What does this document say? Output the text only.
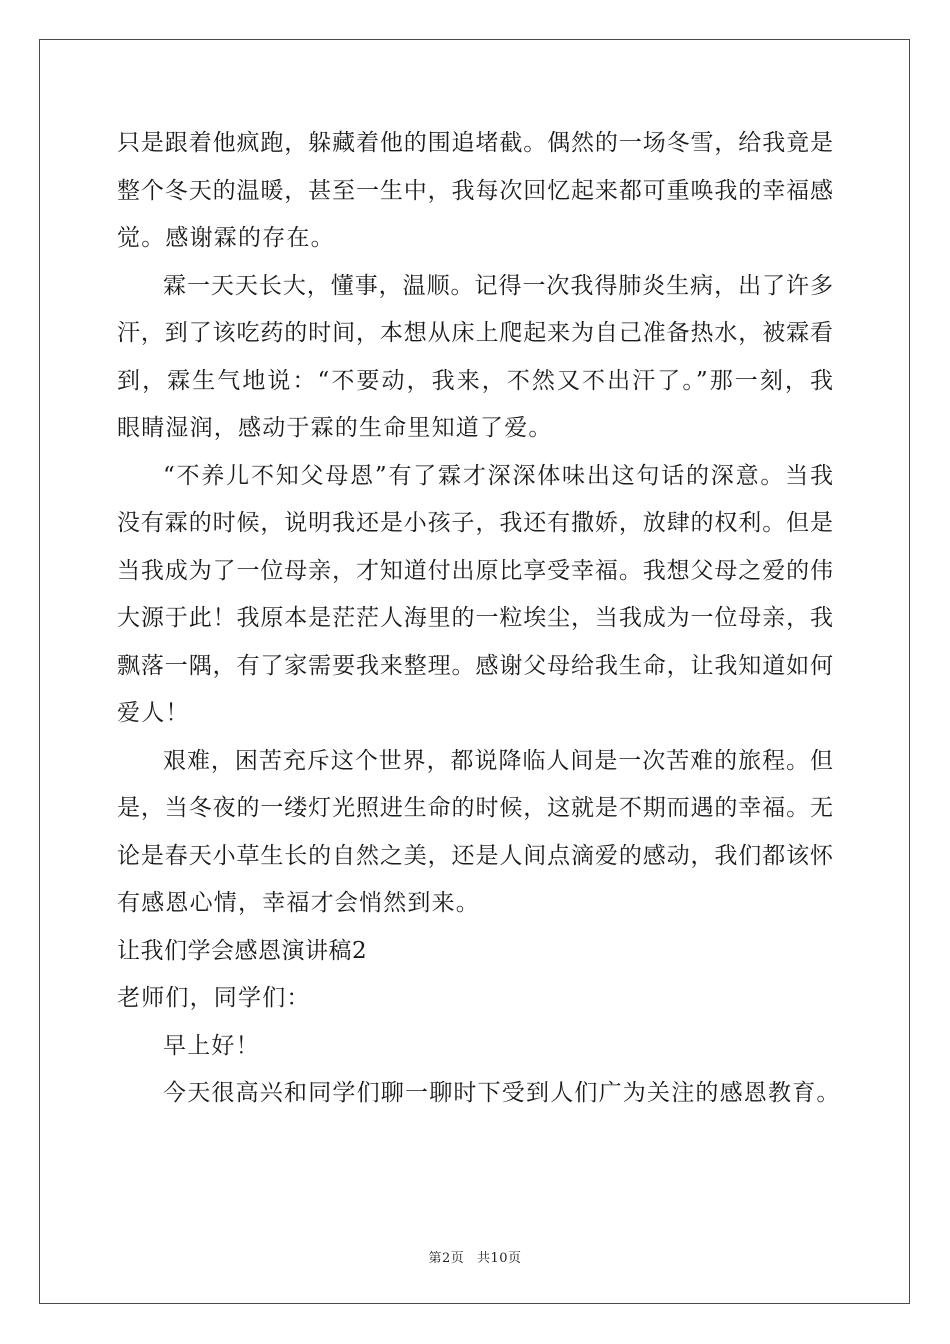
只是跟着他疯跑，躲藏着他的围追堵截。偶然的一场冬雪，给我竟是
整个冬天的温暖，甚至一生中，我每次回忆起来都可重唤我的幸福感
觉。感谢霖的存在。
霖一天天长大，懂事，温顺。记得一次我得肺炎生病，出了许多
汗，到了该吃药的时间，本想从床上爬起来为自己准备热水，被霖看
到，霖生气地说：“不要动，我来，不然又不出汗了。”那一刻，我
眼睛湿润，感动于霖的生命里知道了爱。
“不养儿不知父母恩”有了霖才深深体味出这句话的深意。当我
没有霖的时候，说明我还是小孩子，我还有撒娇，放肆的权利。但是
当我成为了一位母亲，才知道付出原比享受幸福。我想父母之爱的伟
大源于此！我原本是茫茫人海里的一粒埃尘，当我成为一位母亲，我
飘落一隅，有了家需要我来整理。感谢父母给我生命，让我知道如何
爱人！
艰难，困苦充斥这个世界，都说降临人间是一次苦难的旅程。但
是，当冬夜的一缕灯光照进生命的时候，这就是不期而遇的幸福。无
论是春天小草生长的自然之美，还是人间点滴爱的感动，我们都该怀
有感恩心情，幸福才会悄然到来。
让我们学会感恩演讲稿2
老师们，同学们：
早上好！
今天很高兴和同学们聊一聊时下受到人们广为关注的感恩教育。
第2页 共10页
